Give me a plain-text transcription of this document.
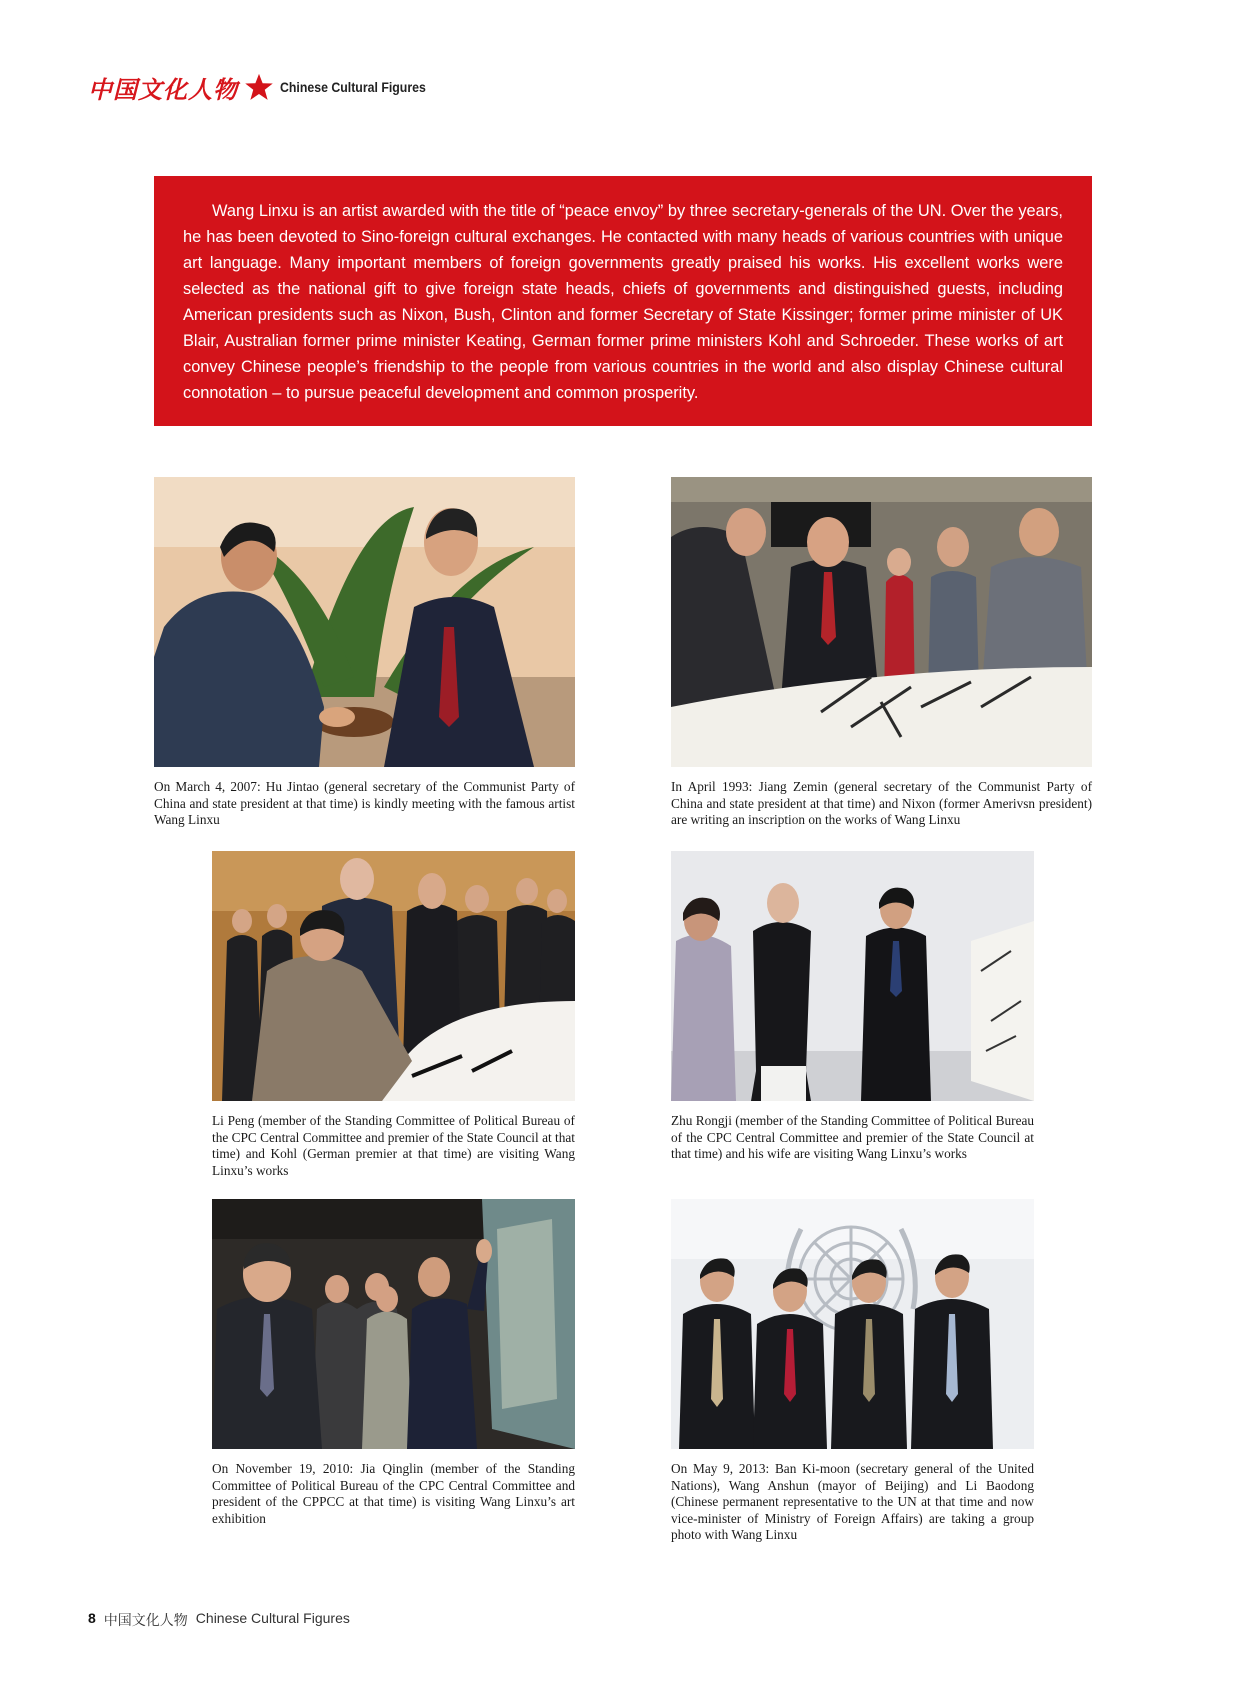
中国文化人物	Chinese Cultural Figures

Wang Linxu is an artist awarded with the title of “peace envoy” by three secretary-generals of the UN. Over the years, he has been devoted to Sino-foreign cultural exchanges. He contacted with many heads of various countries with unique art language. Many important members of foreign governments greatly praised his works. His excellent works were selected as the national gift to give foreign state heads, chiefs of governments and distinguished guests, including American presidents such as Nixon, Bush, Clinton and former Secretary of State Kissinger; former prime minister of UK Blair, Australian former prime minister Keating, German former prime ministers Kohl and Schroeder. These works of art convey Chinese people’s friendship to the people from various countries in the world and also display Chinese cultural connotation – to pursue peaceful development and common prosperity.

On March 4, 2007: Hu Jintao (general secretary of the Communist Party of China and state president at that time) is kindly meeting with the famous artist Wang Linxu
In April 1993: Jiang Zemin (general secretary of the Communist Party of China and state president at that time) and Nixon (former Amerivsn president) are writing an inscription on the works of Wang Linxu
Li Peng (member of the Standing Committee of Political Bureau of the CPC Central Committee and premier of the State Council at that time) and Kohl (German premier at that time) are visiting Wang Linxu’s works
Zhu Rongji (member of the Standing Committee of Political Bureau of the CPC Central Committee and premier of the State Council at that time) and his wife are visiting Wang Linxu’s works
On November 19, 2010: Jia Qinglin (member of the Standing Committee of Political Bureau of the CPC Central Committee and president of the CPPCC at that time) is visiting Wang Linxu’s art exhibition
On May 9, 2013: Ban Ki-moon (secretary general of the United Nations), Wang Anshun (mayor of Beijing) and Li Baodong (Chinese permanent representative to the UN at that time and now vice-minister of Ministry of Foreign Affairs) are taking a group photo with Wang Linxu
8 中国文化人物 Chinese Cultural Figures
